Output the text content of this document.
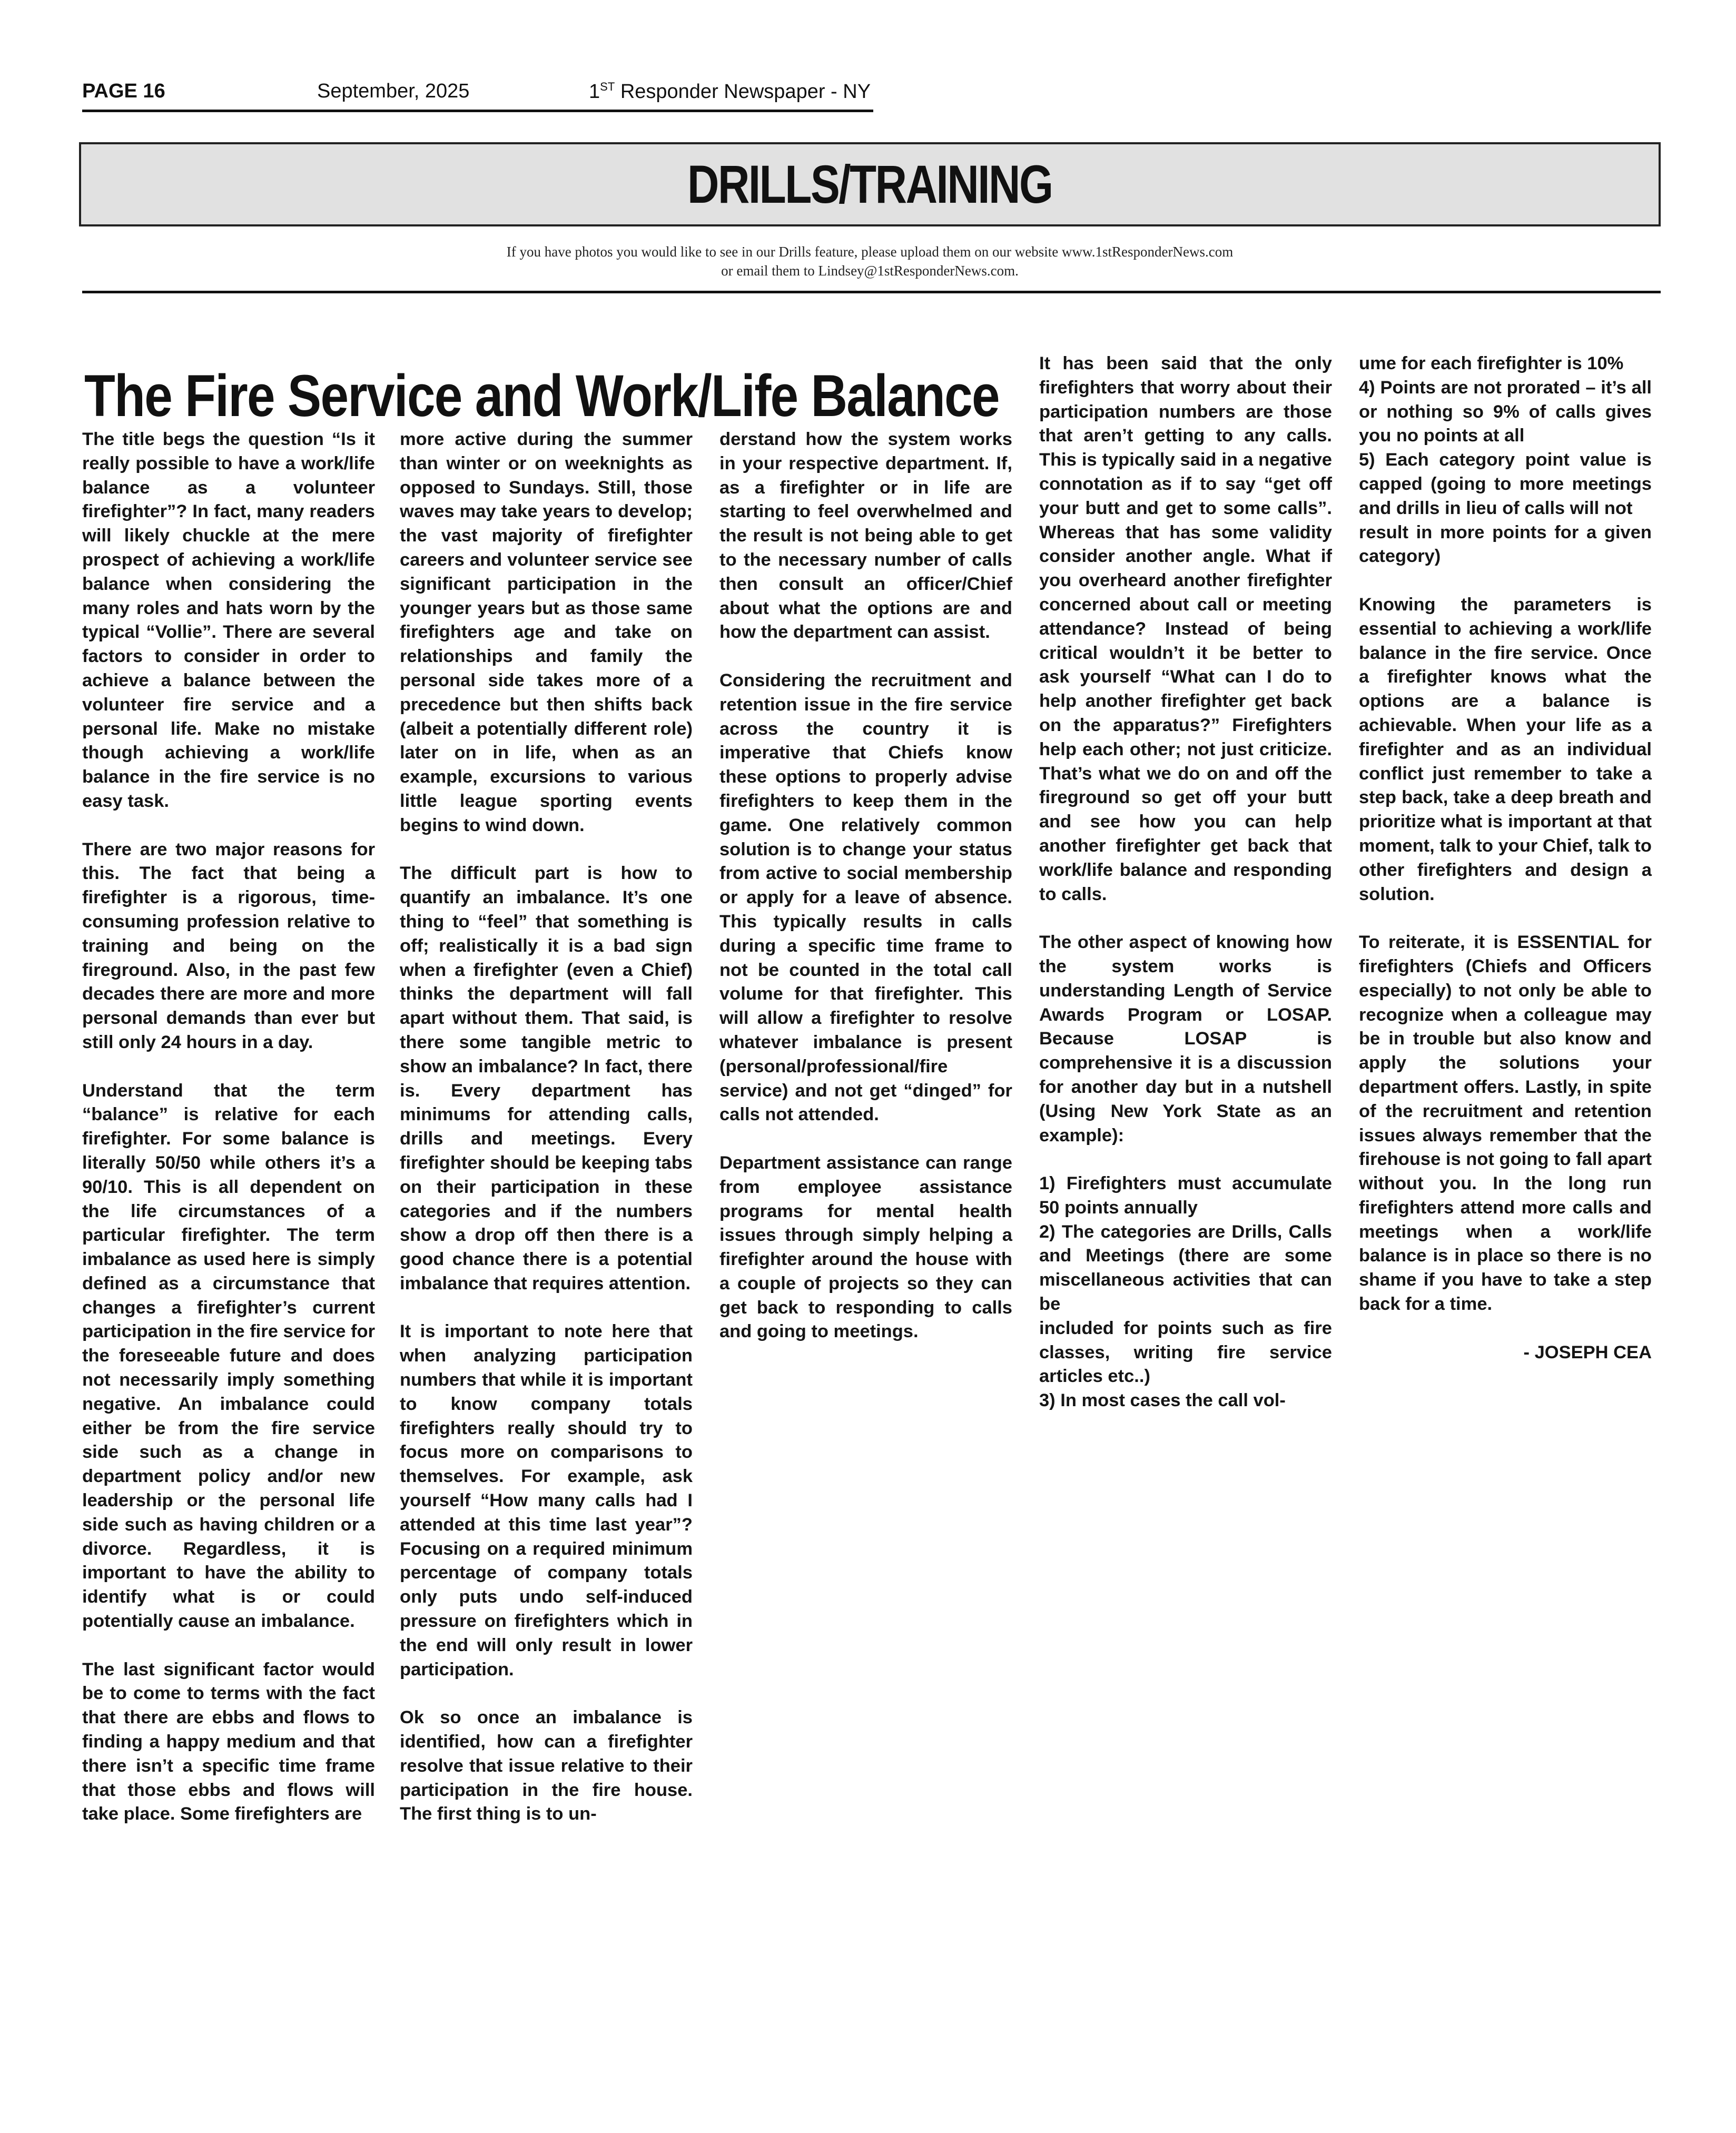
PAGE 16	September, 2025	1ST Responder Newspaper - NY
DRILLS/TRAINING
If you have photos you would like to see in our Drills feature, please upload them on our website www.1stResponderNews.com
or email them to Lindsey@1stResponderNews.com.
The Fire Service and Work/Life Balance

The title begs the question “Is it really possible to have a work/life balance as a volunteer firefighter”? In fact, many readers will likely chuckle at the mere prospect of achieving a work/life balance when considering the many roles and hats worn by the typical “Vollie”. There are several factors to consider in order to achieve a balance between the volunteer fire service and a personal life. Make no mistake though achieving a work/life balance in the fire service is no easy task.

There are two major reasons for this. The fact that being a firefighter is a rigorous, time-consuming profession relative to training and being on the fireground. Also, in the past few decades there are more and more personal demands than ever but still only 24 hours in a day.

Understand that the term “balance” is relative for each firefighter. For some balance is literally 50/50 while others it’s a 90/10. This is all dependent on the life circumstances of a particular firefighter. The term imbalance as used here is simply defined as a circumstance that changes a firefighter’s current participation in the fire service for the foreseeable future and does not necessarily imply something negative. An imbalance could either be from the fire service side such as a change in department policy and/or new leadership or the personal life side such as having children or a divorce. Regardless, it is important to have the ability to identify what is or could potentially cause an imbalance.

The last significant factor would be to come to terms with the fact that there are ebbs and flows to finding a happy medium and that there isn’t a specific time frame that those ebbs and flows will take place. Some firefighters are

more active during the summer than winter or on weeknights as opposed to Sundays. Still, those waves may take years to develop; the vast majority of firefighter careers and volunteer service see significant participation in the younger years but as those same firefighters age and take on relationships and family the personal side takes more of a precedence but then shifts back (albeit a potentially different role) later on in life, when as an example, excursions to various little league sporting events begins to wind down.

The difficult part is how to quantify an imbalance. It’s one thing to “feel” that something is off; realistically it is a bad sign when a firefighter (even a Chief) thinks the department will fall apart without them. That said, is there some tangible metric to show an imbalance? In fact, there is. Every department has minimums for attending calls, drills and meetings. Every firefighter should be keeping tabs on their participation in these categories and if the numbers show a drop off then there is a good chance there is a potential imbalance that requires attention.

It is important to note here that when analyzing participation numbers that while it is important to know company totals firefighters really should try to focus more on comparisons to themselves. For example, ask yourself “How many calls had I attended at this time last year”? Focusing on a required minimum percentage of company totals only puts undo self-induced pressure on firefighters which in the end will only result in lower participation.

Ok so once an imbalance is identified, how can a firefighter resolve that issue relative to their participation in the fire house. The first thing is to un-

derstand how the system works in your respective department. If, as a firefighter or in life are starting to feel overwhelmed and the result is not being able to get to the necessary number of calls then consult an officer/Chief about what the options are and how the department can assist.

Considering the recruitment and retention issue in the fire service across the country it is imperative that Chiefs know these options to properly advise firefighters to keep them in the game. One relatively common solution is to change your status from active to social membership or apply for a leave of absence. This typically results in calls during a specific time frame to not be counted in the total call volume for that firefighter. This will allow a firefighter to resolve whatever imbalance is present (personal/professional/fire service) and not get “dinged” for calls not attended.

Department assistance can range from employee assistance programs for mental health issues through simply helping a firefighter around the house with a couple of projects so they can get back to responding to calls and going to meetings.

It has been said that the only firefighters that worry about their participation numbers are those that aren’t getting to any calls. This is typically said in a negative connotation as if to say “get off your butt and get to some calls”. Whereas that has some validity consider another angle. What if you overheard another firefighter concerned about call or meeting attendance? Instead of being critical wouldn’t it be better to ask yourself “What can I do to help another firefighter get back on the apparatus?” Firefighters help each other; not just criticize. That’s what we do on and off the fireground so get off your butt and see how you can help another firefighter get back that work/life balance and responding to calls.

The other aspect of knowing how the system works is understanding Length of Service Awards Program or LOSAP. Because LOSAP is comprehensive it is a discussion for another day but in a nutshell (Using New York State as an example):

1) Firefighters must accumulate 50 points annually

2) The categories are Drills, Calls and Meetings (there are some miscellaneous activities that can be

included for points such as fire classes, writing fire service articles etc..)

3) In most cases the call vol-

ume for each firefighter is 10%

4) Points are not prorated – it’s all or nothing so 9% of calls gives you no points at all

5) Each category point value is capped (going to more meetings and drills in lieu of calls will not

result in more points for a given category)

Knowing the parameters is essential to achieving a work/life balance in the fire service. Once a firefighter knows what the options are a balance is achievable. When your life as a firefighter and as an individual conflict just remember to take a step back, take a deep breath and prioritize what is important at that moment, talk to your Chief, talk to other firefighters and design a solution.

To reiterate, it is ESSENTIAL for firefighters (Chiefs and Officers especially) to not only be able to recognize when a colleague may be in trouble but also know and apply the solutions your department offers. Lastly, in spite of the recruitment and retention issues always remember that the firehouse is not going to fall apart without you. In the long run firefighters attend more calls and meetings when a work/life balance is in place so there is no shame if you have to take a step back for a time.

- JOSEPH CEA
